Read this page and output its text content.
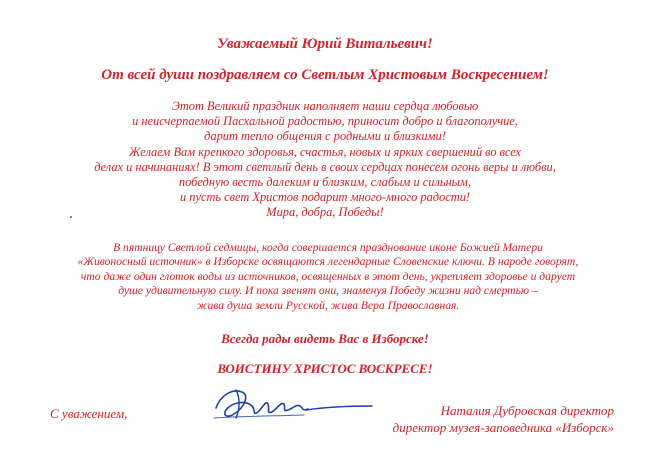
Уважаемый Юрий Витальевич!
От всей души поздравляем со Светлым Христовым Воскресением!
Этот Великий праздник наполняет наши сердца любовью
и неисчерпаемой Пасхальной радостью, приносит добро и благополучие,
дарит тепло общения с родными и близкими!
Желаем Вам крепкого здоровья, счастья, новых и ярких свершений во всех
делах и начинаниях! В этот светлый день в своих сердцах понесем огонь веры и любви,
победную весть далеким и близким, слабым и сильным,
и пусть свет Христов подарит много-много радости!
Мира, добра, Победы!
В пятницу Светлой седмицы, когда совершается празднование иконе Божией Матери
«Живоносный источник» в Изборске освящаются легендарные Словенские ключи. В народе говорят,
что даже один глоток воды из источников, освященных в этот день, укрепляет здоровье и дарует
душе удивительную силу. И пока звенят они, знаменуя Победу жизни над смертью –
жива душа земли Русской, жива Вера Православная.
Всегда рады видеть Вас в Изборске!
ВОИСТИНУ ХРИСТОС ВОСКРЕСЕ!
С уважением,	Наталия Дубровская директор
директор музея-заповедника «Изборск»
